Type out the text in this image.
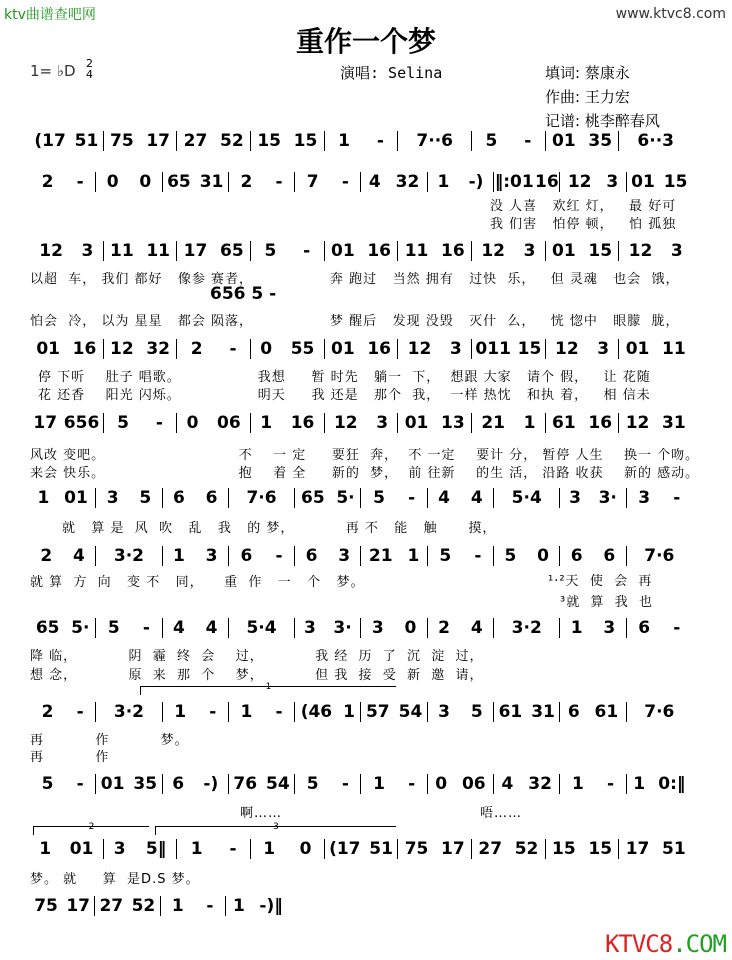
ktv曲谱查吧网	www.ktvc8.com
重作一个梦
1= ♭D 2
4	演唱: Selina	填词: 蔡康永
作曲: 王力宏
记谱: 桃李醉春风
(17 51 75 17 27 52 15 15 1 - 7··6 5 - 01 35 6··3
2 - 0 0 65 31 2 - 7 - 4 32 1 -) ‖:01 16 12 3 01 15
12 3 11 11 17 65 5 - 01 16 11 16 12 3 01 15 12 3
01 16 12 32 2 - 0 55 01 16 12 3 011 15 12 3 01 11
17 656 5 - 0 06 1 16 12 3 01 13 21 1 61 16 12 31
1 01 3 5 6 6 7·6 65 5· 5 - 4 4 5·4 3 3· 3 -
2 4 3·2 1 3 6 - 6 3 21 1 5 - 5 0 6 6 7·6
65 5· 5 - 4 4 5·4 3 3· 3 0 2 4 3·2 1 3 6 -
2 - 3·2 1 - 1 - (46 1 57 54 3 5 61 31 6 61 7·6
5 - 01 35 6 -) 76 54 5 - 1 - 0 06 4 32 1 - 1 0:‖
1 01 3 5‖ 1 - 1 0 (17 51 75 17 27 52 15 15 17 51
75 17 27 52 1 - 1 -)‖
656 5 -
没 人喜   欢红 灯，   最 好可
我 们害   怕停 顿，   怕 孤独
以超  车， 我们 都好   像参 赛者，               奔 跑过   当然 拥有   过快  乐，   但 灵魂   也会  饿，
怕会  冷， 以为 星星   都会 陨落，               梦 醒后   发现 没毁   灭什  么，   恍 惚中   眼朦  胧，
停 下听    肚子 唱歌。               我想     暂 时先   躺一  下，  想跟 大家   请个 假，   让 花随
花 还香    阳光 闪烁。               明天     我 还是   那个  我，  一样 热忱   和执 着，   相 信未
风改 变吧。                          不    一 定     要狂  奔，  不 一定    要计 分， 暂停 人生    换一 个吻。
来会 快乐。                          抱    着 全     新的  梦，  前 往新    的生 活， 沿路 收获    新的 感动。
就   算 是  风  吹   乱   我   的 梦，          再 不   能   触      摸，
就 算  方  向   变 不   同，    重  作   一   个   梦。	¹·²天  使  会  再
³就  算  我  也
降 临，          阴  霾  终  会    过，          我 经  历  了  沉  淀  过，
想 念，          原  来  那  个    梦，          但 我  接  受  新  邀  请，
再          作          梦。
再          作
啊……	唔……
梦。 就     算  是D.S 梦。
1
2	3
KTVC8.COM
